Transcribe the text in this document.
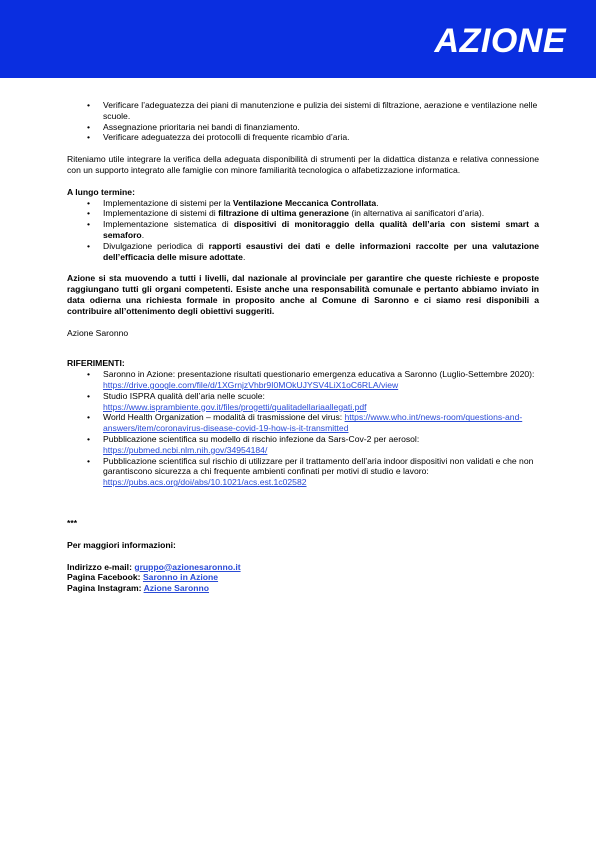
AZIONE
• Verificare l’adeguatezza dei piani di manutenzione e pulizia dei sistemi di filtrazione, aerazione e ventilazione nelle scuole.
• Assegnazione prioritaria nei bandi di finanziamento.
• Verificare adeguatezza dei protocolli di frequente ricambio d’aria.

Riteniamo utile integrare la verifica della adeguata disponibilità di strumenti per la didattica distanza e relativa connessione con un supporto integrato alle famiglie con minore familiarità tecnologica o alfabetizzazione informatica.

A lungo termine:

• Implementazione di sistemi per la Ventilazione Meccanica Controllata.
• Implementazione di sistemi di filtrazione di ultima generazione (in alternativa ai sanificatori d’aria).
• Implementazione sistematica di dispositivi di monitoraggio della qualità dell’aria con sistemi smart a semaforo.
• Divulgazione periodica di rapporti esaustivi dei dati e delle informazioni raccolte per una valutazione dell’efficacia delle misure adottate.

Azione si sta muovendo a tutti i livelli, dal nazionale al provinciale per garantire che queste richieste e proposte raggiungano tutti gli organi competenti. Esiste anche una responsabilità comunale e pertanto abbiamo inviato in data odierna una richiesta formale in proposito anche al Comune di Saronno e ci siamo resi disponibili a contribuire all’ottenimento degli obiettivi suggeriti.

Azione Saronno

RIFERIMENTI:

• Saronno in Azione: presentazione risultati questionario emergenza educativa a Saronno (Luglio-Settembre 2020): https://drive.google.com/file/d/1XGrnjzVhbr9I0MOkUJYSV4LiX1oC6RLA/view
• Studio ISPRA qualità dell’aria nelle scuole:
https://www.isprambiente.gov.it/files/progetti/qualitadellariaallegati.pdf
• World Health Organization – modalità di trasmissione del virus: https://www.who.int/news-room/questions-and-answers/item/coronavirus-disease-covid-19-how-is-it-transmitted
• Pubblicazione scientifica su modello di rischio infezione da Sars-Cov-2 per aerosol:
https://pubmed.ncbi.nlm.nih.gov/34954184/
• Pubblicazione scientifica sul rischio di utilizzare per il trattamento dell’aria indoor dispositivi non validati e che non garantiscono sicurezza a chi frequente ambienti confinati per motivi di studio e lavoro: https://pubs.acs.org/doi/abs/10.1021/acs.est.1c02582

***

Per maggiori informazioni:

Indirizzo e-mail: gruppo@azionesaronno.it

Pagina Facebook: Saronno in Azione

Pagina Instagram: Azione Saronno
